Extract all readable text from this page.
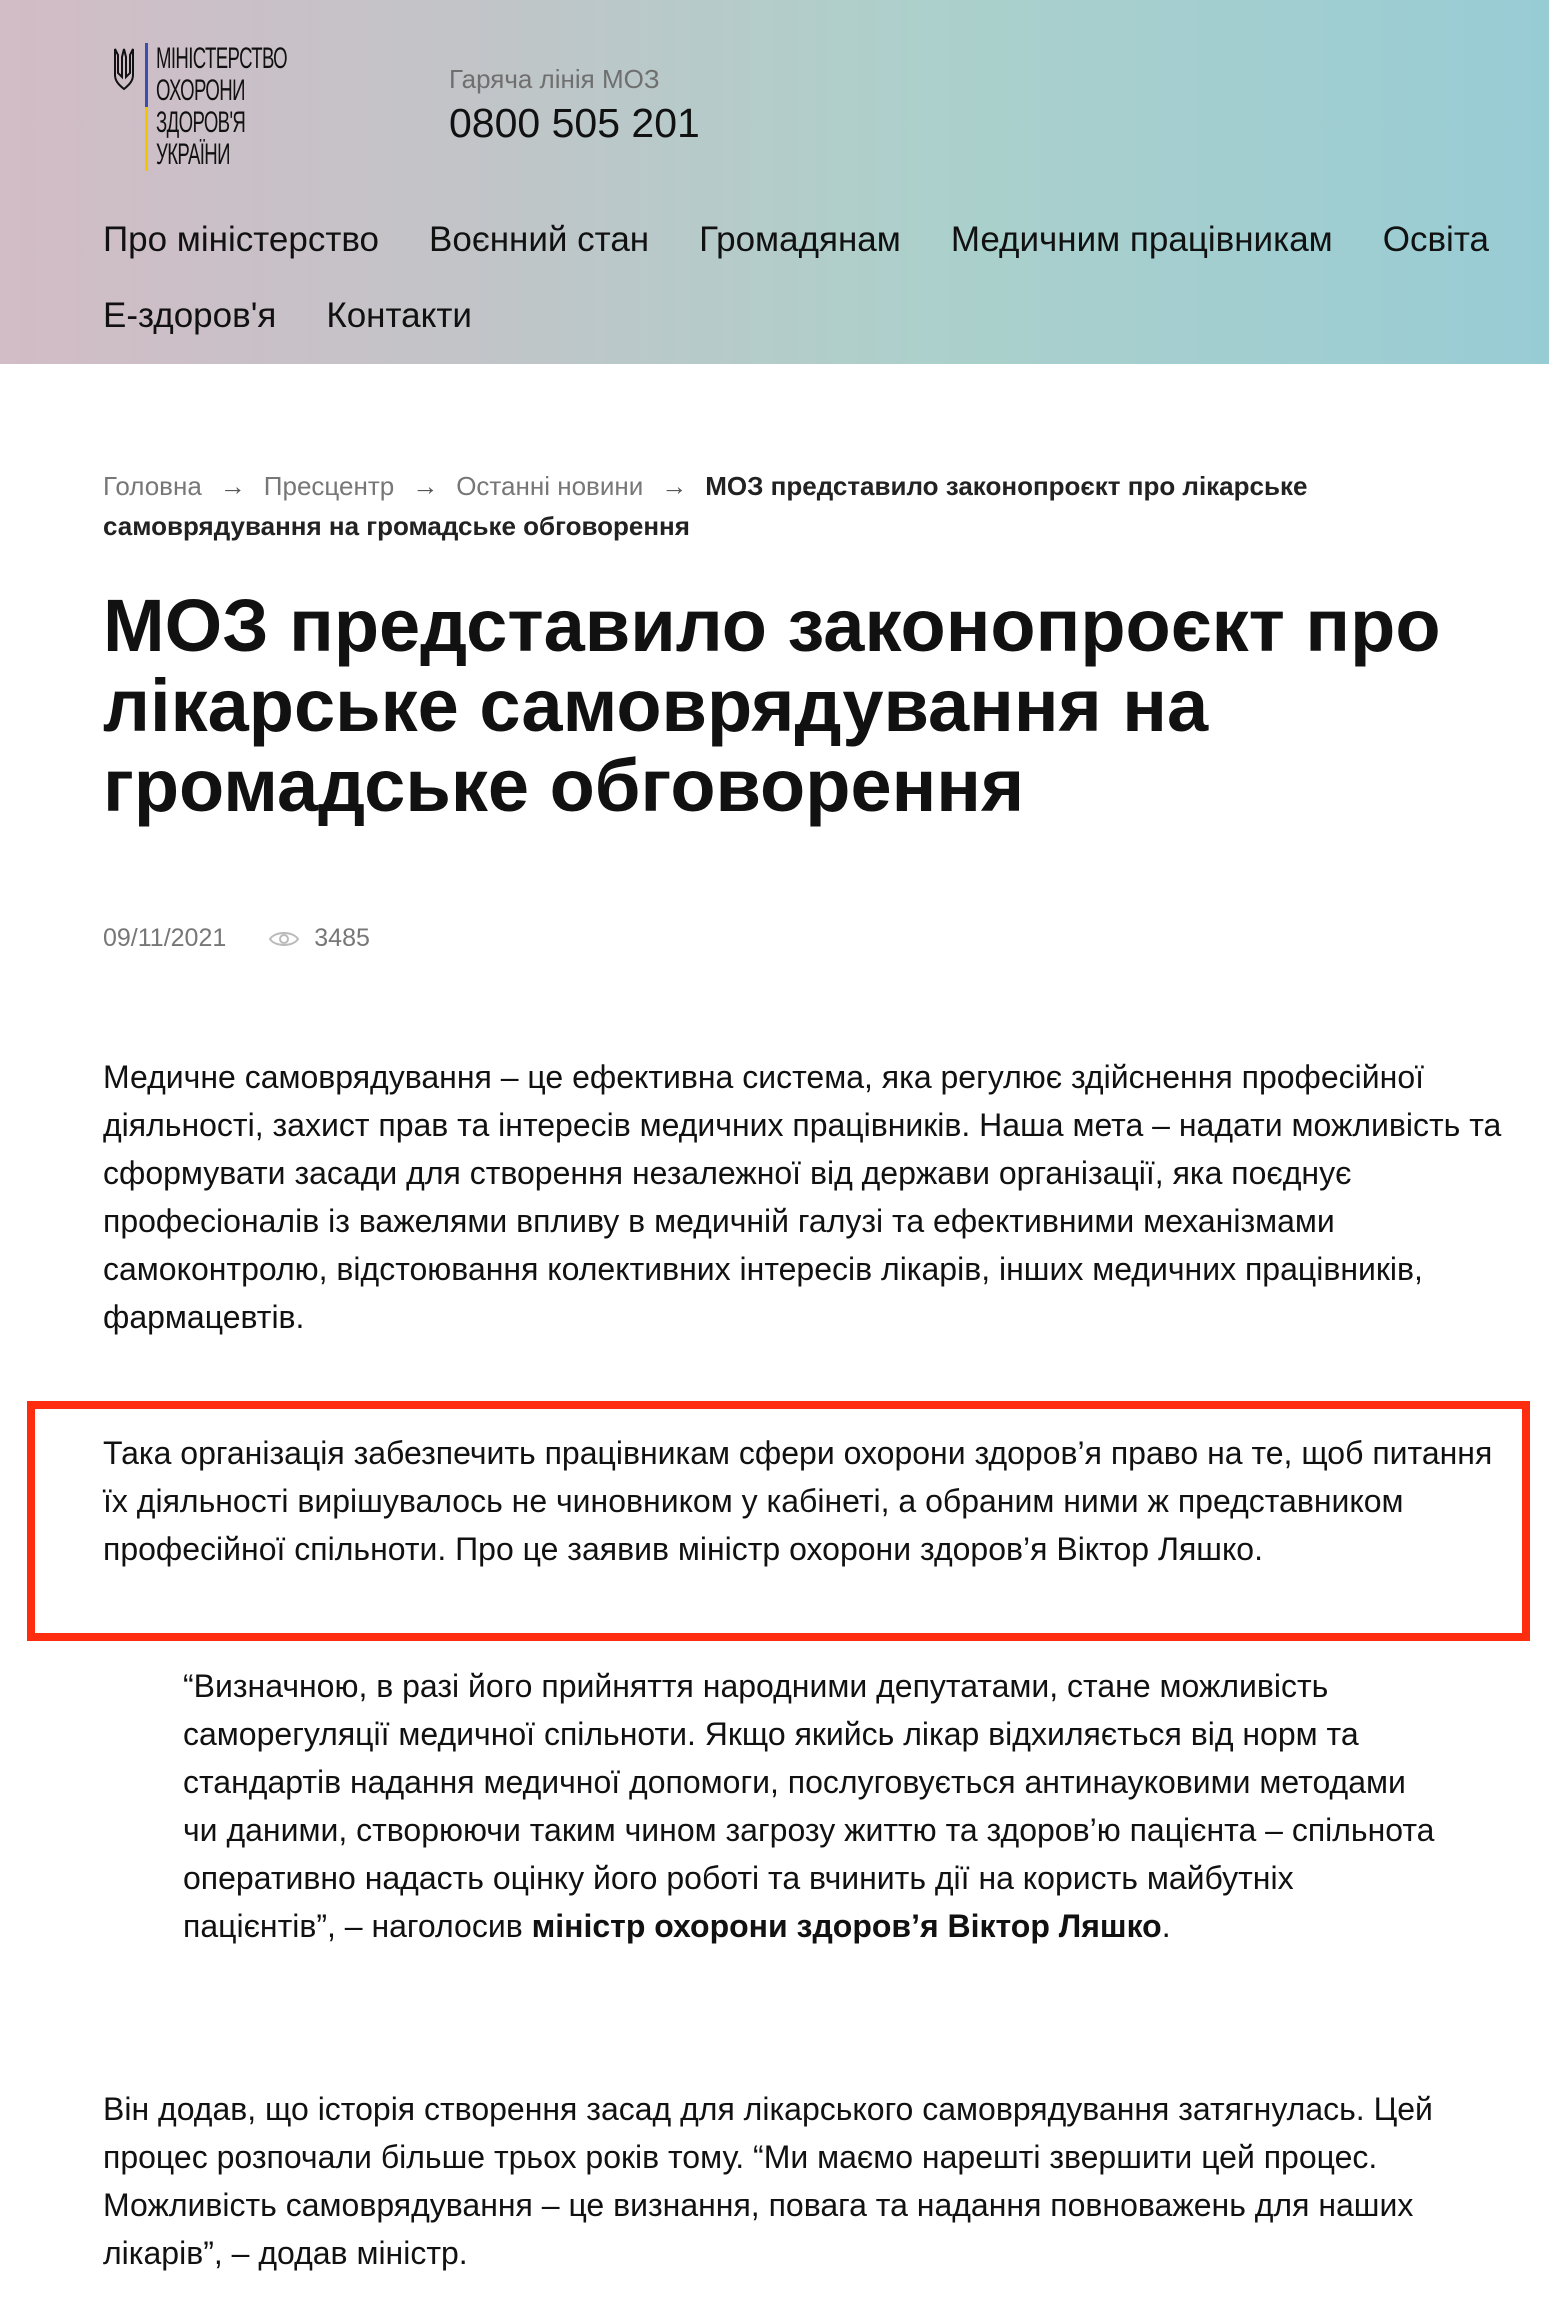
МІНІСТЕРСТВО
ОХОРОНИ
ЗДОРОВ'Я
УКРАЇНИ
Гаряча лінія МОЗ
0800 505 201
Про міністерство Воєнний стан Громадянам Медичним працівникам Освіта
Е-здоров'я Контакти
Головна → Пресцентр → Останні новини → МОЗ представило законопроєкт про лікарське самоврядування на громадське обговорення
МОЗ представило законопроєкт про лікарське самоврядування на громадське обговорення
09/11/2021	3485

Медичне самоврядування – це ефективна система, яка регулює здійснення професійної діяльності, захист прав та інтересів медичних працівників. Наша мета – надати можливість та сформувати засади для створення незалежної від держави організації, яка поєднує професіоналів із важелями впливу в медичній галузі та ефективними механізмами самоконтролю, відстоювання колективних інтересів лікарів, інших медичних працівників, фармацевтів.

Така організація забезпечить працівникам сфери охорони здоров’я право на те, щоб питання їх діяльності вирішувалось не чиновником у кабінеті, а обраним ними ж представником професійної спільноти. Про це заявив міністр охорони здоров’я Віктор Ляшко.

“Визначною, в разі його прийняття народними депутатами, стане можливість саморегуляції медичної спільноти. Якщо якийсь лікар відхиляється від норм та стандартів надання медичної допомоги, послуговується антинауковими методами чи даними, створюючи таким чином загрозу життю та здоров’ю пацієнта – спільнота оперативно надасть оцінку його роботі та вчинить дії на користь майбутніх пацієнтів”, – наголосив міністр охорони здоров’я Віктор Ляшко.

Він додав, що історія створення засад для лікарського самоврядування затягнулась. Цей процес розпочали більше трьох років тому. “Ми маємо нарешті звершити цей процес. Можливість самоврядування – це визнання, повага та надання повноважень для наших лікарів”, – додав міністр.
